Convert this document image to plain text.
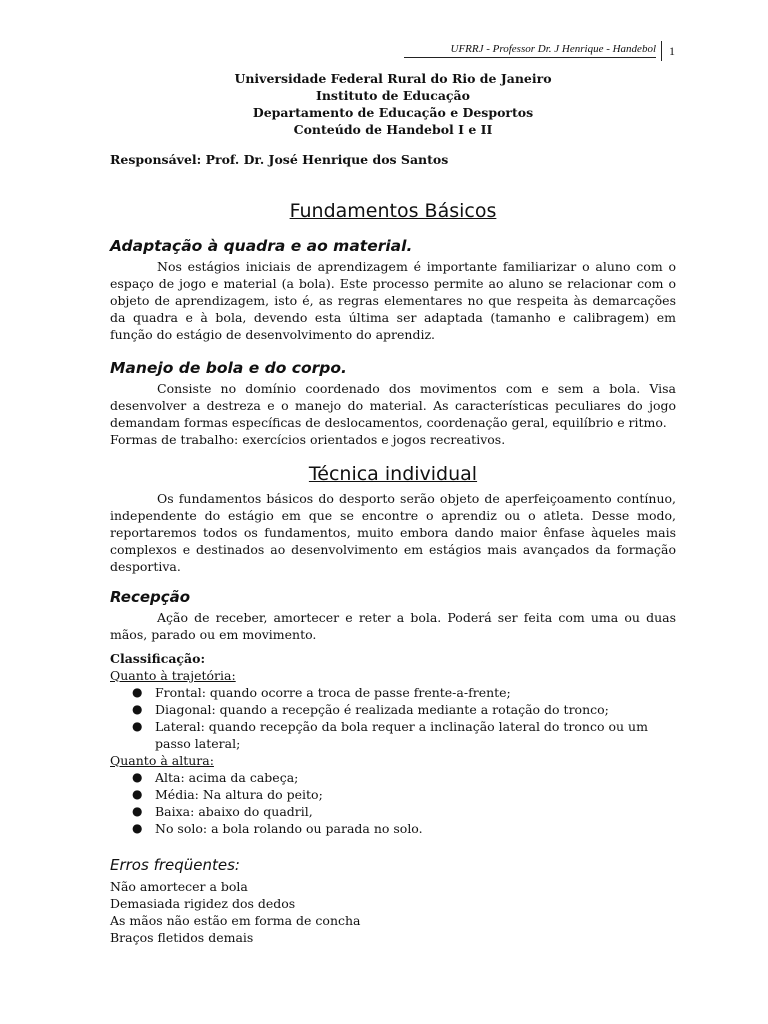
UFRRJ - Professor Dr. J Henrique - Handebol 1
Universidade Federal Rural do Rio de Janeiro
Instituto de Educação
Departamento de Educação e Desportos
Conteúdo de Handebol I e II
Responsável: Prof. Dr. José Henrique dos Santos
Fundamentos Básicos
Adaptação à quadra e ao material.

Nos estágios iniciais de aprendizagem é importante familiarizar o aluno com o espaço de jogo e material (a bola). Este processo permite ao aluno se relacionar com o objeto de aprendizagem, isto é, as regras elementares no que respeita às demarcações da quadra e à bola, devendo esta última ser adaptada (tamanho e calibragem) em função do estágio de desenvolvimento do aprendiz.

Manejo de bola e do corpo.

Consiste no domínio coordenado dos movimentos com e sem a bola. Visa desenvolver a destreza e o manejo do material. As características peculiares do jogo demandam formas específicas de deslocamentos, coordenação geral, equilíbrio e ritmo.

Formas de trabalho: exercícios orientados e jogos recreativos.

Técnica individual

Os fundamentos básicos do desporto serão objeto de aperfeiçoamento contínuo, independente do estágio em que se encontre o aprendiz ou o atleta. Desse modo, reportaremos todos os fundamentos, muito embora dando maior ênfase àqueles mais complexos e destinados ao desenvolvimento em estágios mais avançados da formação desportiva.

Recepção

Ação de receber, amortecer e reter a bola. Poderá ser feita com uma ou duas mãos, parado ou em movimento.

Classificação:
Quanto à trajetória:
● Frontal: quando ocorre a troca de passe frente-a-frente;
● Diagonal: quando a recepção é realizada mediante a rotação do tronco;
● Lateral: quando recepção da bola requer a inclinação lateral do tronco ou um passo lateral;
Quanto à altura:
● Alta: acima da cabeça;
● Média: Na altura do peito;
● Baixa: abaixo do quadril,
● No solo: a bola rolando ou parada no solo.
Erros freqüentes:
Não amortecer a bola
Demasiada rigidez dos dedos
As mãos não estão em forma de concha
Braços fletidos demais
